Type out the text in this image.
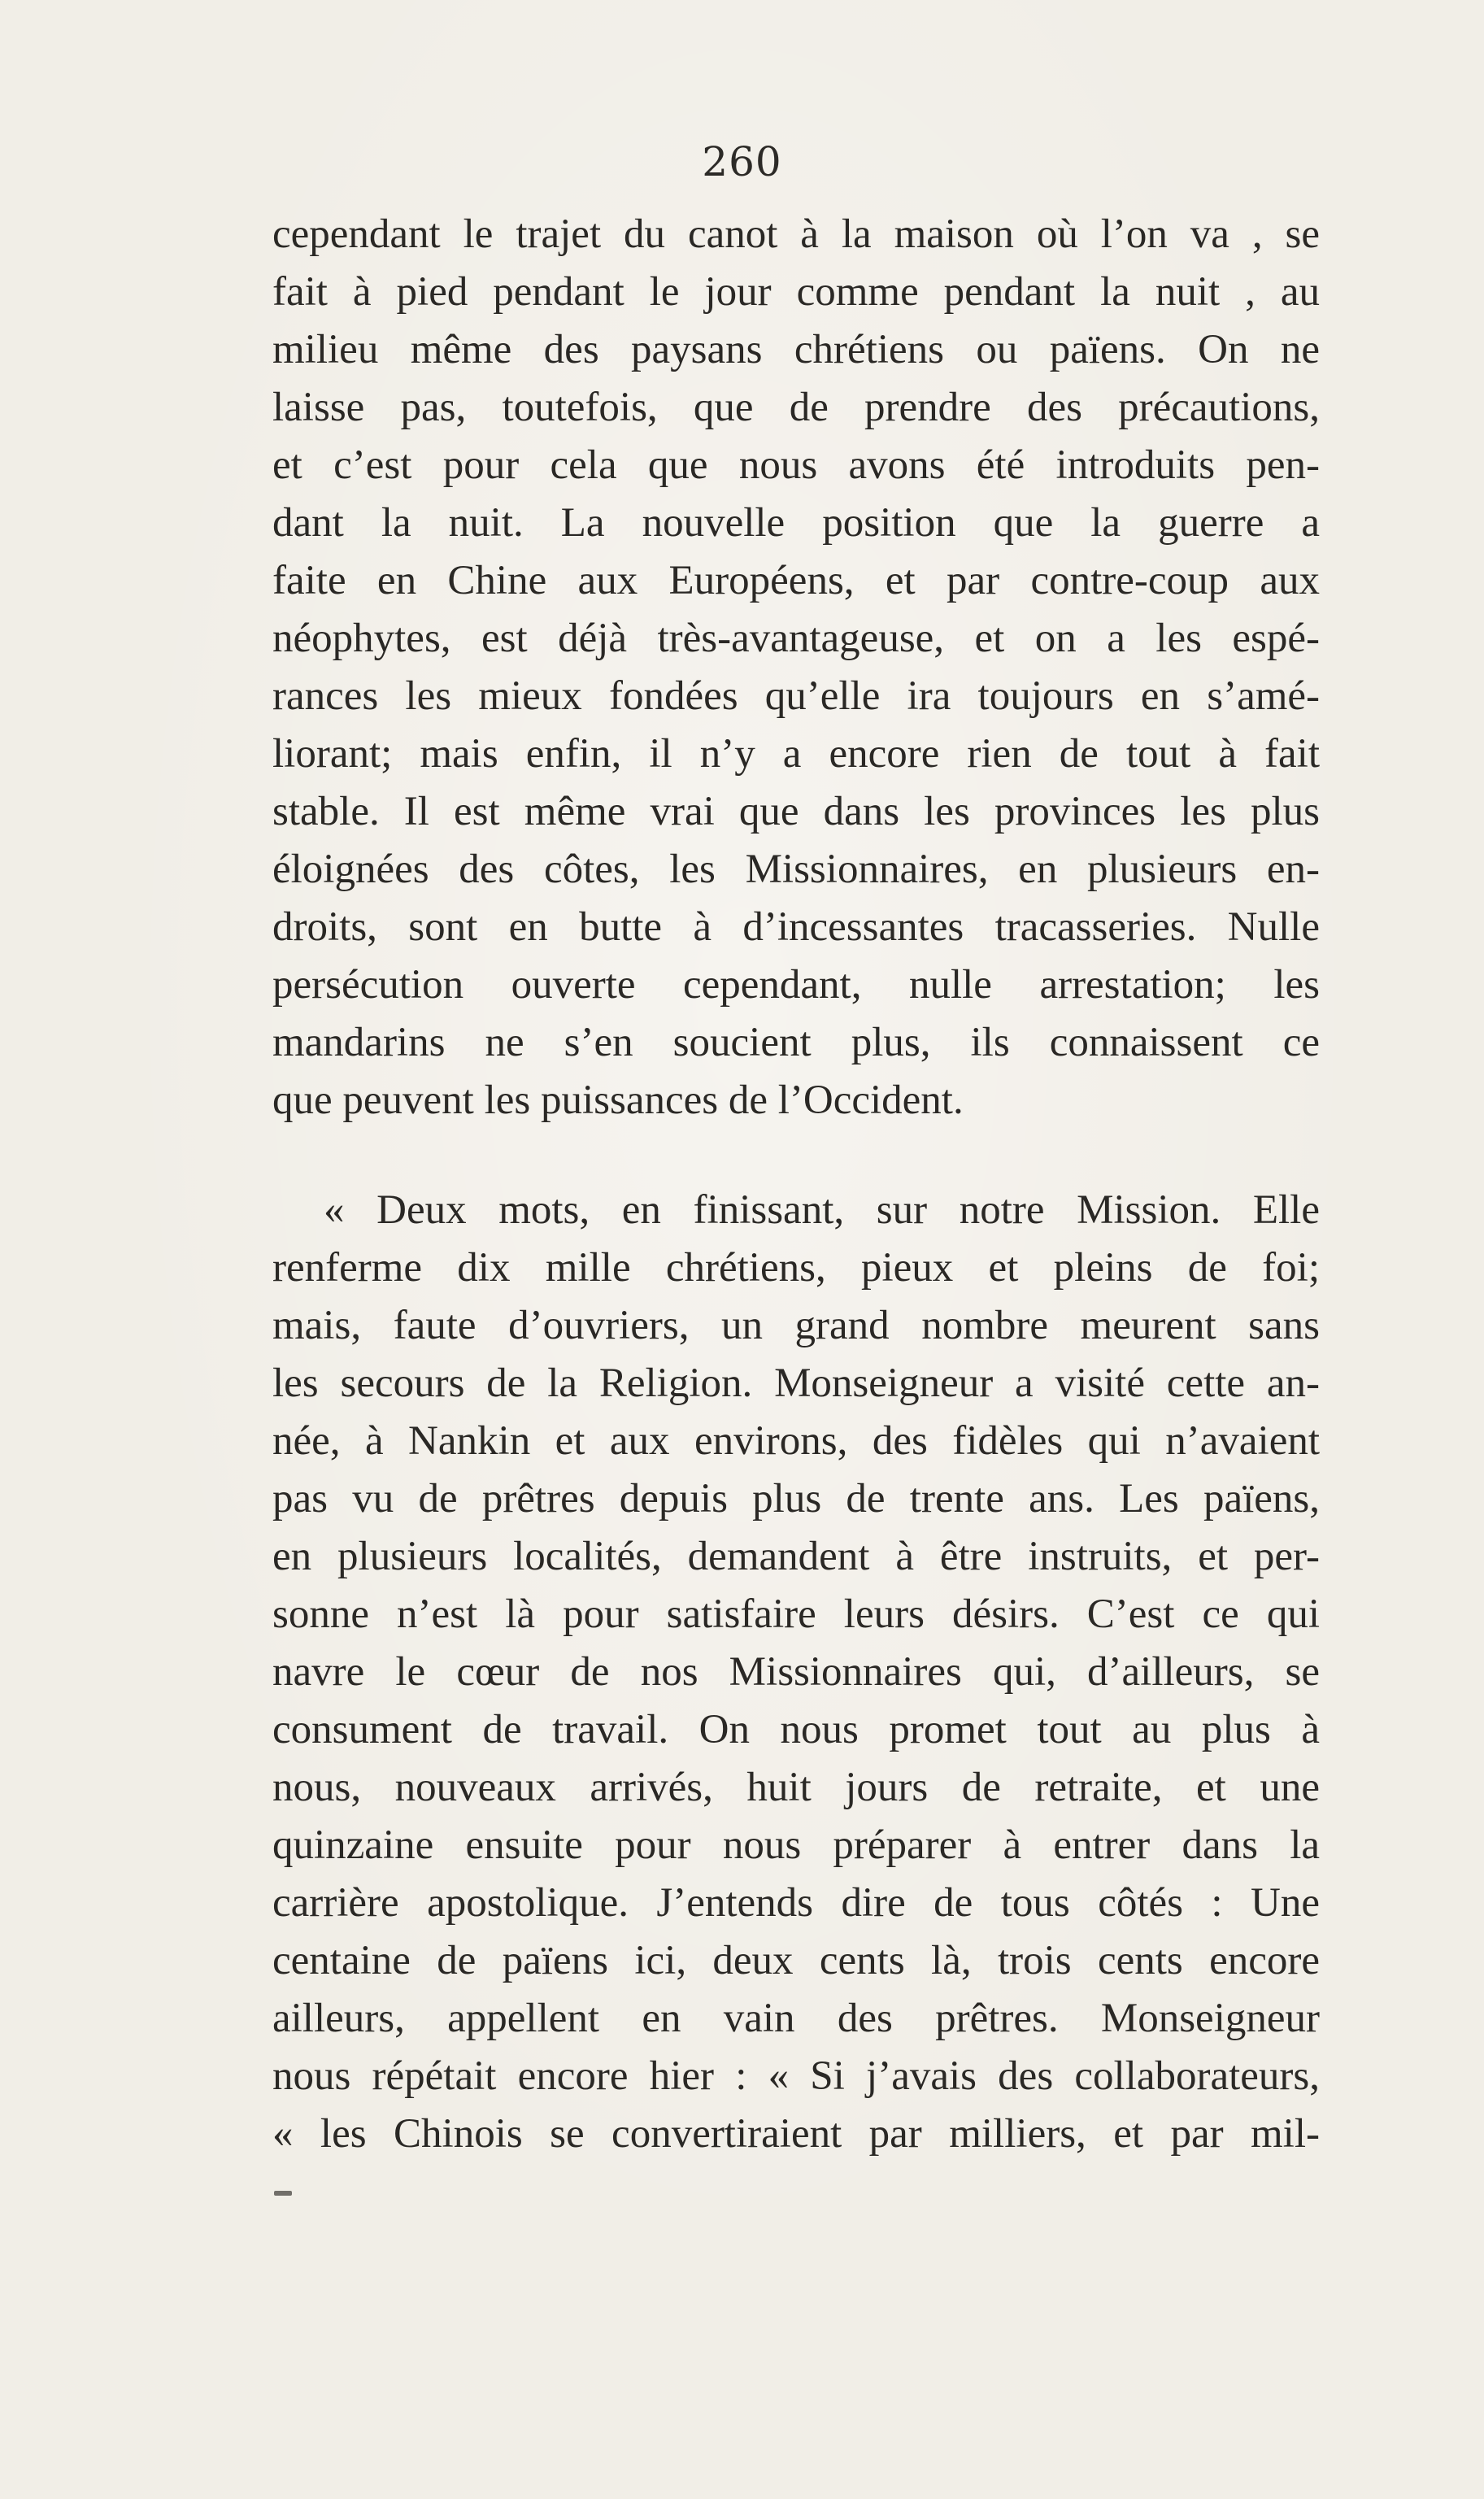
260
cependant le trajet du canot à la maison où l’on va , se
fait à pied pendant le jour comme pendant la nuit , au
milieu même des paysans chrétiens ou païens. On ne
laisse pas, toutefois, que de prendre des précautions,
et c’est pour cela que nous avons été introduits pen-
dant la nuit. La nouvelle position que la guerre a
faite en Chine aux Européens, et par contre-coup aux
néophytes, est déjà très-avantageuse, et on a les espé-
rances les mieux fondées qu’elle ira toujours en s’amé-
liorant; mais enfin, il n’y a encore rien de tout à fait
stable. Il est même vrai que dans les provinces les plus
éloignées des côtes, les Missionnaires, en plusieurs en-
droits, sont en butte à d’incessantes tracasseries. Nulle
persécution ouverte cependant, nulle arrestation; les
mandarins ne s’en soucient plus, ils connaissent ce
que peuvent les puissances de l’Occident.
« Deux mots, en finissant, sur notre Mission. Elle
renferme dix mille chrétiens, pieux et pleins de foi;
mais, faute d’ouvriers, un grand nombre meurent sans
les secours de la Religion. Monseigneur a visité cette an-
née, à Nankin et aux environs, des fidèles qui n’avaient
pas vu de prêtres depuis plus de trente ans. Les païens,
en plusieurs localités, demandent à être instruits, et per-
sonne n’est là pour satisfaire leurs désirs. C’est ce qui
navre le cœur de nos Missionnaires qui, d’ailleurs, se
consument de travail. On nous promet tout au plus à
nous, nouveaux arrivés, huit jours de retraite, et une
quinzaine ensuite pour nous préparer à entrer dans la
carrière apostolique. J’entends dire de tous côtés : Une
centaine de païens ici, deux cents là, trois cents encore
ailleurs, appellent en vain des prêtres. Monseigneur
nous répétait encore hier : « Si j’avais des collaborateurs,
« les Chinois se convertiraient par milliers, et par mil-
